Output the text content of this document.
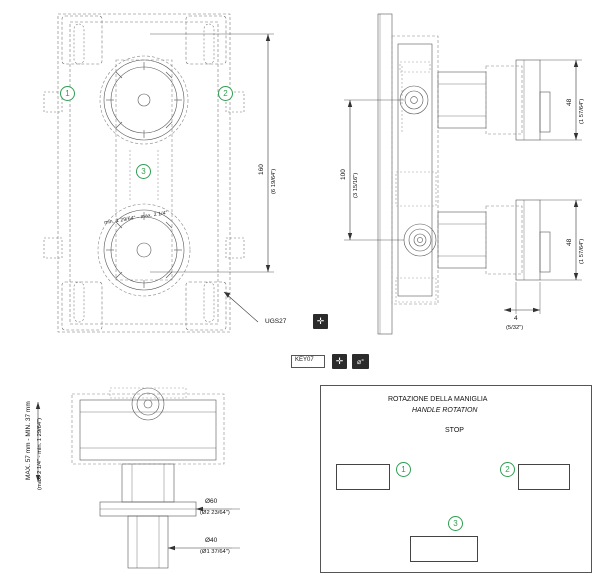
1	2
3
min. 1 29/64" - max. 2 1/4"
160 (6 19/64")
UGS27	✛
KEY07	✛	⌀°
100 (3 15/16")
48 (1 57/64")
48 (1 57/64")
4
(5/32")
MAX. 57 mm - MIN. 37 mm (max. 2 1/4" - min. 1 29/64")
Ø60
(Ø2 23/64")
Ø40
(Ø1 37/64")
ROTAZIONE DELLA MANIGLIA
HANDLE ROTATION
STOP
1	2
3
